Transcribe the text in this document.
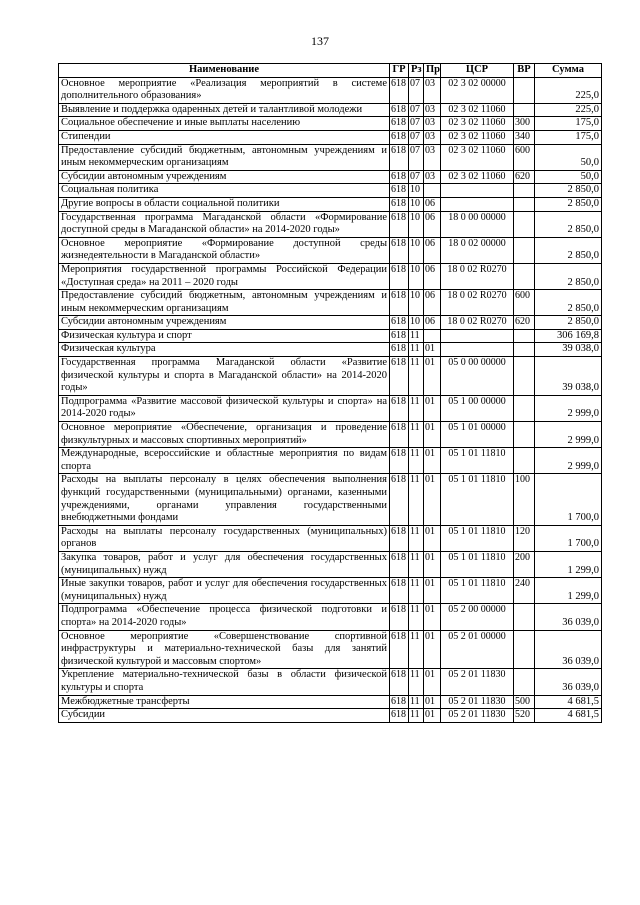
137
Наименование	ГР	Рз	Пр	ЦСР	ВР	Сумма
Основное мероприятие «Реализация мероприятий в системе дополнительного образования»	618	07	03	02 3 02 00000		225,0
Выявление и поддержка одаренных детей и талантливой молодежи	618	07	03	02 3 02 11060		225,0
Социальное обеспечение и иные выплаты населению	618	07	03	02 3 02 11060	300	175,0
Стипендии	618	07	03	02 3 02 11060	340	175,0
Предоставление субсидий бюджетным, автономным учреждениям и иным некоммерческим организациям	618	07	03	02 3 02 11060	600	50,0
Субсидии автономным учреждениям	618	07	03	02 3 02 11060	620	50,0
Социальная политика	618	10				2 850,0
Другие вопросы в области социальной политики	618	10	06			2 850,0
Государственная программа Магаданской области «Формирование доступной среды в Магаданской области» на 2014-2020 годы»	618	10	06	18 0 00 00000		2 850,0
Основное мероприятие «Формирование доступной среды жизнедеятельности в Магаданской области»	618	10	06	18 0 02 00000		2 850,0
Мероприятия государственной программы Российской Федерации «Доступная среда» на 2011 – 2020 годы	618	10	06	18 0 02 R0270		2 850,0
Предоставление субсидий бюджетным, автономным учреждениям и иным некоммерческим организациям	618	10	06	18 0 02 R0270	600	2 850,0
Субсидии автономным учреждениям	618	10	06	18 0 02 R0270	620	2 850,0
Физическая культура и спорт	618	11				306 169,8
Физическая культура	618	11	01			39 038,0
Государственная программа Магаданской области «Развитие физической культуры и спорта в Магаданской области» на 2014-2020 годы»	618	11	01	05 0 00 00000		39 038,0
Подпрограмма «Развитие массовой физической культуры и спорта» на 2014-2020 годы»	618	11	01	05 1 00 00000		2 999,0
Основное мероприятие «Обеспечение, организация и проведение физкультурных и массовых спортивных мероприятий»	618	11	01	05 1 01 00000		2 999,0
Международные, всероссийские и областные мероприятия по видам спорта	618	11	01	05 1 01 11810		2 999,0
Расходы на выплаты персоналу в целях обеспечения выполнения функций государственными (муниципальными) органами, казенными учреждениями, органами управления государственными внебюджетными фондами	618	11	01	05 1 01 11810	100	1 700,0
Расходы на выплаты персоналу государственных (муниципальных) органов	618	11	01	05 1 01 11810	120	1 700,0
Закупка товаров, работ и услуг для обеспечения государственных (муниципальных) нужд	618	11	01	05 1 01 11810	200	1 299,0
Иные закупки товаров, работ и услуг для обеспечения государственных (муниципальных) нужд	618	11	01	05 1 01 11810	240	1 299,0
Подпрограмма «Обеспечение процесса физической подготовки и спорта» на 2014-2020 годы»	618	11	01	05 2 00 00000		36 039,0
Основное мероприятие «Совершенствование спортивной инфраструктуры и материально-технической базы для занятий физической культурой и массовым спортом»	618	11	01	05 2 01 00000		36 039,0
Укрепление материально-технической базы в области физической культуры и спорта	618	11	01	05 2 01 11830		36 039,0
Межбюджетные трансферты	618	11	01	05 2 01 11830	500	4 681,5
Субсидии	618	11	01	05 2 01 11830	520	4 681,5
